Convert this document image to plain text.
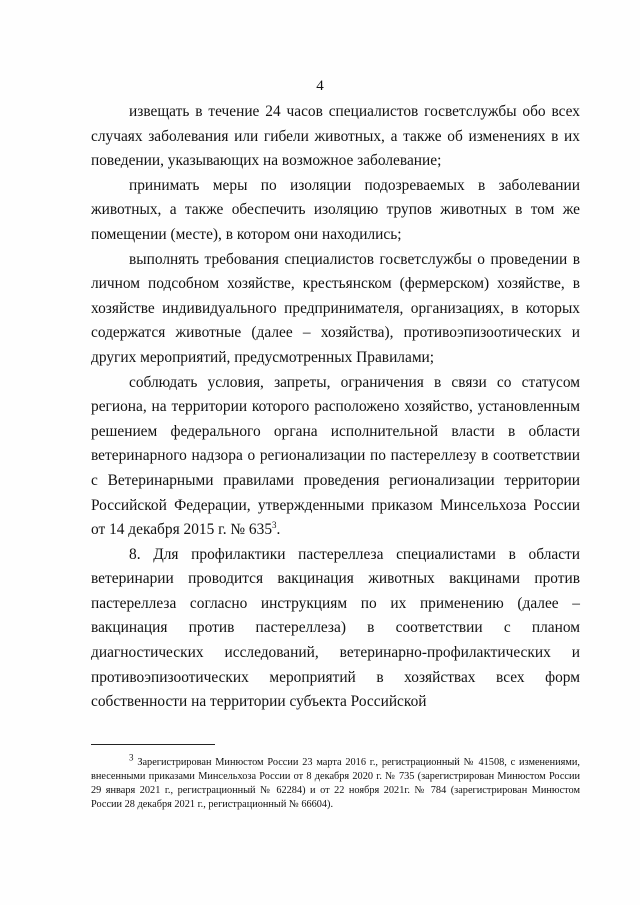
4

извещать в течение 24 часов специалистов госветслужбы обо всех случаях заболевания или гибели животных, а также об изменениях в их поведении, указывающих на возможное заболевание;

принимать меры по изоляции подозреваемых в заболевании животных, а также обеспечить изоляцию трупов животных в том же помещении (месте), в котором они находились;

выполнять требования специалистов госветслужбы о проведении в личном подсобном хозяйстве, крестьянском (фермерском) хозяйстве, в хозяйстве индивидуального предпринимателя, организациях, в которых содержатся животные (далее – хозяйства), противоэпизоотических и других мероприятий, предусмотренных Правилами;

соблюдать условия, запреты, ограничения в связи со статусом региона, на территории которого расположено хозяйство, установленным решением федерального органа исполнительной власти в области ветеринарного надзора о регионализации по пастереллезу в соответствии с Ветеринарными правилами проведения регионализации территории Российской Федерации, утвержденными приказом Минсельхоза России от 14 декабря 2015 г. № $635^3$.

8. Для профилактики пастереллеза специалистами в области ветеринарии проводится вакцинация животных вакцинами против пастереллеза согласно инструкциям по их применению (далее – вакцинация против пастереллеза) в соответствии с планом диагностических исследований, ветеринарно-профилактических и противоэпизоотических мероприятий в хозяйствах всех форм собственности на территории субъекта Российской

$^3$ Зарегистрирован Минюстом России 23 марта 2016 г., регистрационный № 41508, с изменениями, внесенными приказами Минсельхоза России от 8 декабря 2020 г. № 735 (зарегистрирован Минюстом России 29 января 2021 г., регистрационный № 62284) и от 22 ноября 2021г. № 784 (зарегистрирован Минюстом России 28 декабря 2021 г., регистрационный № 66604).
